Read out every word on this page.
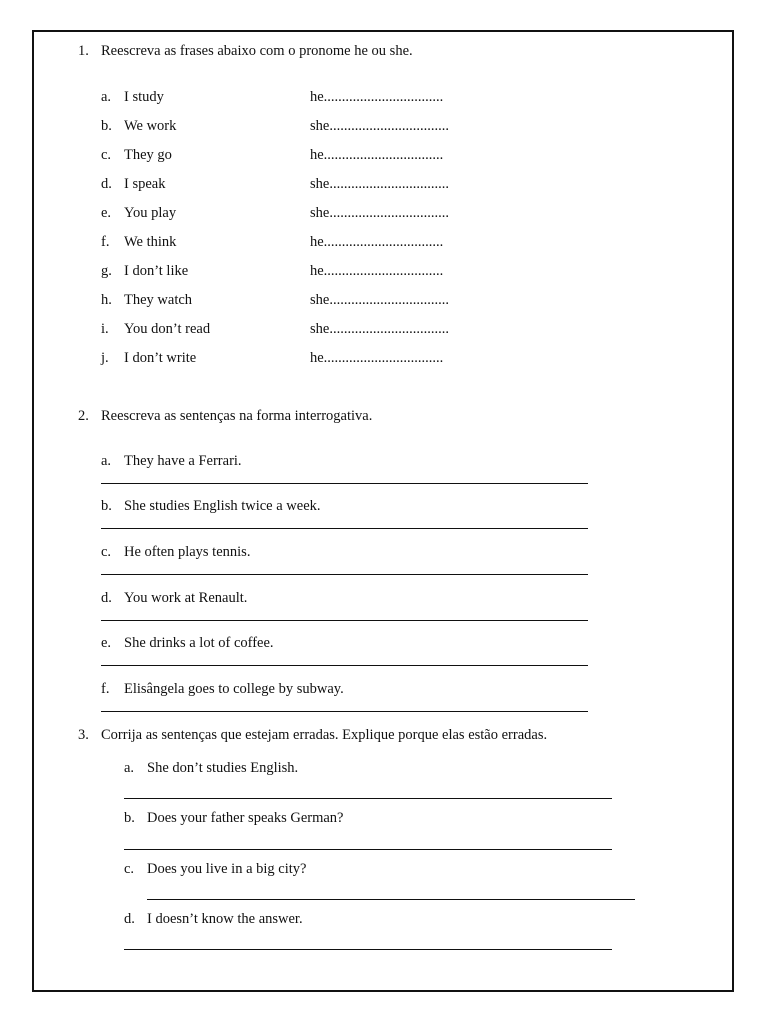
1. Reescreva as frases abaixo com o pronome he ou she.
a. I study	he.................................
b. We work	she.................................
c. They go	he.................................
d. I speak	she.................................
e. You play	she.................................
f. We think	he.................................
g. I don’t like	he.................................
h. They watch	she.................................
i. You don’t read	she.................................
j. I don’t write	he.................................
2. Reescreva as sentenças na forma interrogativa.
a. They have a Ferrari.
b. She studies English twice a week.
c. He often plays tennis.
d. You work at Renault.
e. She drinks a lot of coffee.
f. Elisângela goes to college by subway.
3. Corrija as sentenças que estejam erradas. Explique porque elas estão erradas.
a. She don’t studies English.
b. Does your father speaks German?
c. Does you live in a big city?
d. I doesn’t know the answer.
